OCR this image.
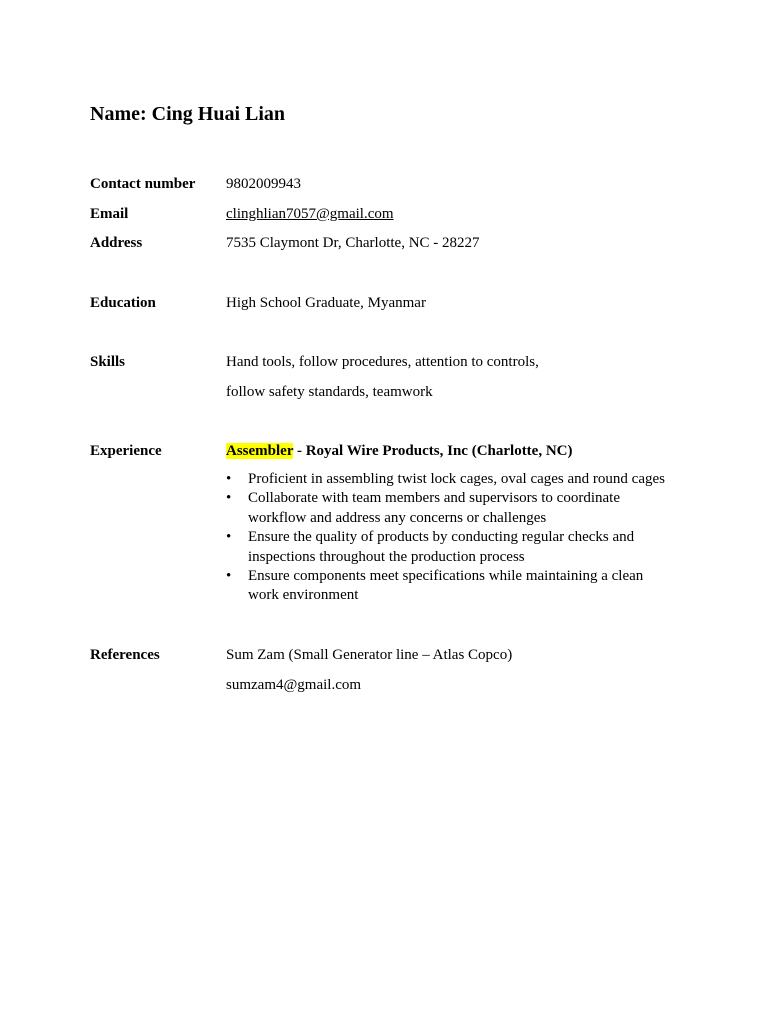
Name: Cing Huai Lian
Contact number 9802009943
Email	clinghlian7057@gmail.com
Address	7535 Claymont Dr, Charlotte, NC - 28227
Education	High School Graduate, Myanmar
Skills	Hand tools, follow procedures, attention to controls,
follow safety standards, teamwork
Experience	Assembler - Royal Wire Products, Inc (Charlotte, NC)
• Proficient in assembling twist lock cages, oval cages and round cages
• Collaborate with team members and supervisors to coordinate workflow and address any concerns or challenges
• Ensure the quality of products by conducting regular checks and inspections throughout the production process
• Ensure components meet specifications while maintaining a clean work environment
References	Sum Zam (Small Generator line – Atlas Copco)
sumzam4@gmail.com
